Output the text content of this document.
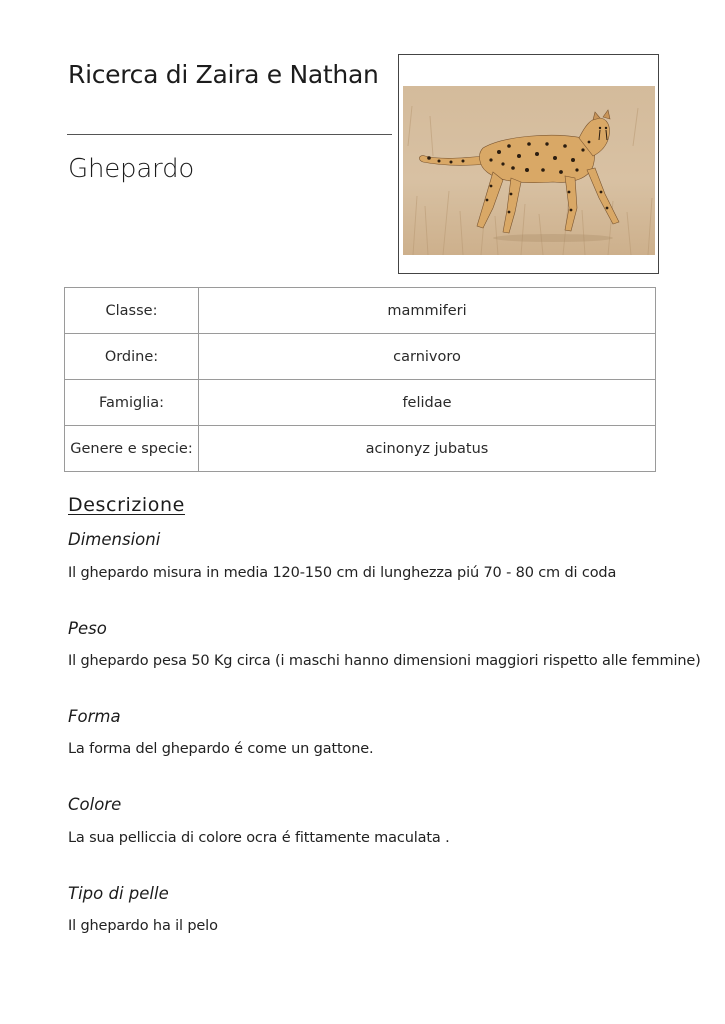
Ricerca di Zaira e Nathan
Ghepardo
Classe:	mammiferi
Ordine:	carnivoro
Famiglia:	felidae
Genere e specie:	acinonyz jubatus
Descrizione
Dimensioni

Il ghepardo misura in media 120-150 cm di lunghezza piú 70 - 80 cm di coda

Peso

Il ghepardo pesa 50 Kg circa (i maschi hanno dimensioni maggiori rispetto alle femmine)

Forma

La forma del ghepardo é come un gattone.

Colore

La sua pelliccia di colore ocra é fittamente maculata .

Tipo di pelle

Il ghepardo ha il pelo
